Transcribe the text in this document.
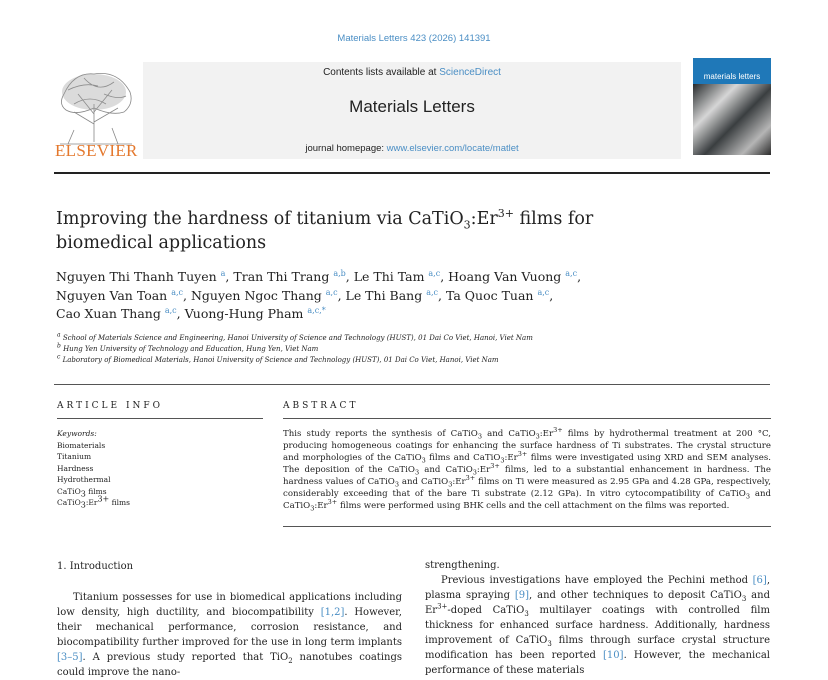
Materials Letters 423 (2026) 141391
ELSEVIER
Contents lists available at ScienceDirect
Materials Letters
journal homepage: www.elsevier.com/locate/matlet
materials letters
Improving the hardness of titanium via $CaTiO_3:Er^{3+}$ films for
biomedical applications
Nguyen Thi Thanh Tuyen $^a$, Tran Thi Trang $^{a,b}$, Le Thi Tam $^{a,c}$, Hoang Van Vuong $^{a,c}$,
Nguyen Van Toan $^{a,c}$, Nguyen Ngoc Thang $^{a,c}$, Le Thi Bang $^{a,c}$, Ta Quoc Tuan $^{a,c}$,
Cao Xuan Thang $^{a,c}$, Vuong-Hung Pham $^{a,c,*}$
a School of Materials Science and Engineering, Hanoi University of Science and Technology (HUST), 01 Dai Co Viet, Hanoi, Viet Nam
b Hung Yen University of Technology and Education, Hung Yen, Viet Nam
c Laboratory of Biomedical Materials, Hanoi University of Science and Technology (HUST), 01 Dai Co Viet, Hanoi, Viet Nam
ARTICLE INFO
Keywords:
Biomaterials
Titanium
Hardness
Hydrothermal
CaTiO3 films
CaTiO3:Er3+ films
ABSTRACT
This study reports the synthesis of CaTiO$_3$ and $CaTiO_3:Er^{3+}$ films by hydrothermal treatment at 200 °C, producing homogeneous coatings for enhancing the surface hardness of Ti substrates. The crystal structure and morphologies of the CaTiO$_3$ films and $CaTiO_3:Er^{3+}$ films were investigated using XRD and SEM analyses. The deposition of the CaTiO$_3$ and $CaTiO_3:Er^{3+}$ films, led to a substantial enhancement in hardness. The hardness values of CaTiO$_3$ and $CaTiO_3:Er^{3+}$ films on Ti were measured as 2.95 GPa and 4.28 GPa, respectively, considerably exceeding that of the bare Ti substrate (2.12 GPa). In vitro cytocompatibility of CaTiO$_3$ and $CaTiO_3:Er^{3+}$ films were performed using BHK cells and the cell attachment on the films was reported.
1. Introduction
Titanium possesses for use in biomedical applications including low density, high ductility, and biocompatibility [1,2]. However, their mechanical performance, corrosion resistance, and biocompatibility further improved for the use in long term implants [3–5]. A previous study reported that TiO$_2$ nanotubes coatings could improve the nano-
strengthening.
Previous investigations have employed the Pechini method [6], plasma spraying [9], and other techniques to deposit CaTiO$_3$ and $Er^{3+}$-doped CaTiO$_3$ multilayer coatings with controlled film thickness for enhanced surface hardness. Additionally, hardness improvement of CaTiO$_3$ films through surface crystal structure modification has been reported [10]. However, the mechanical performance of these materials
